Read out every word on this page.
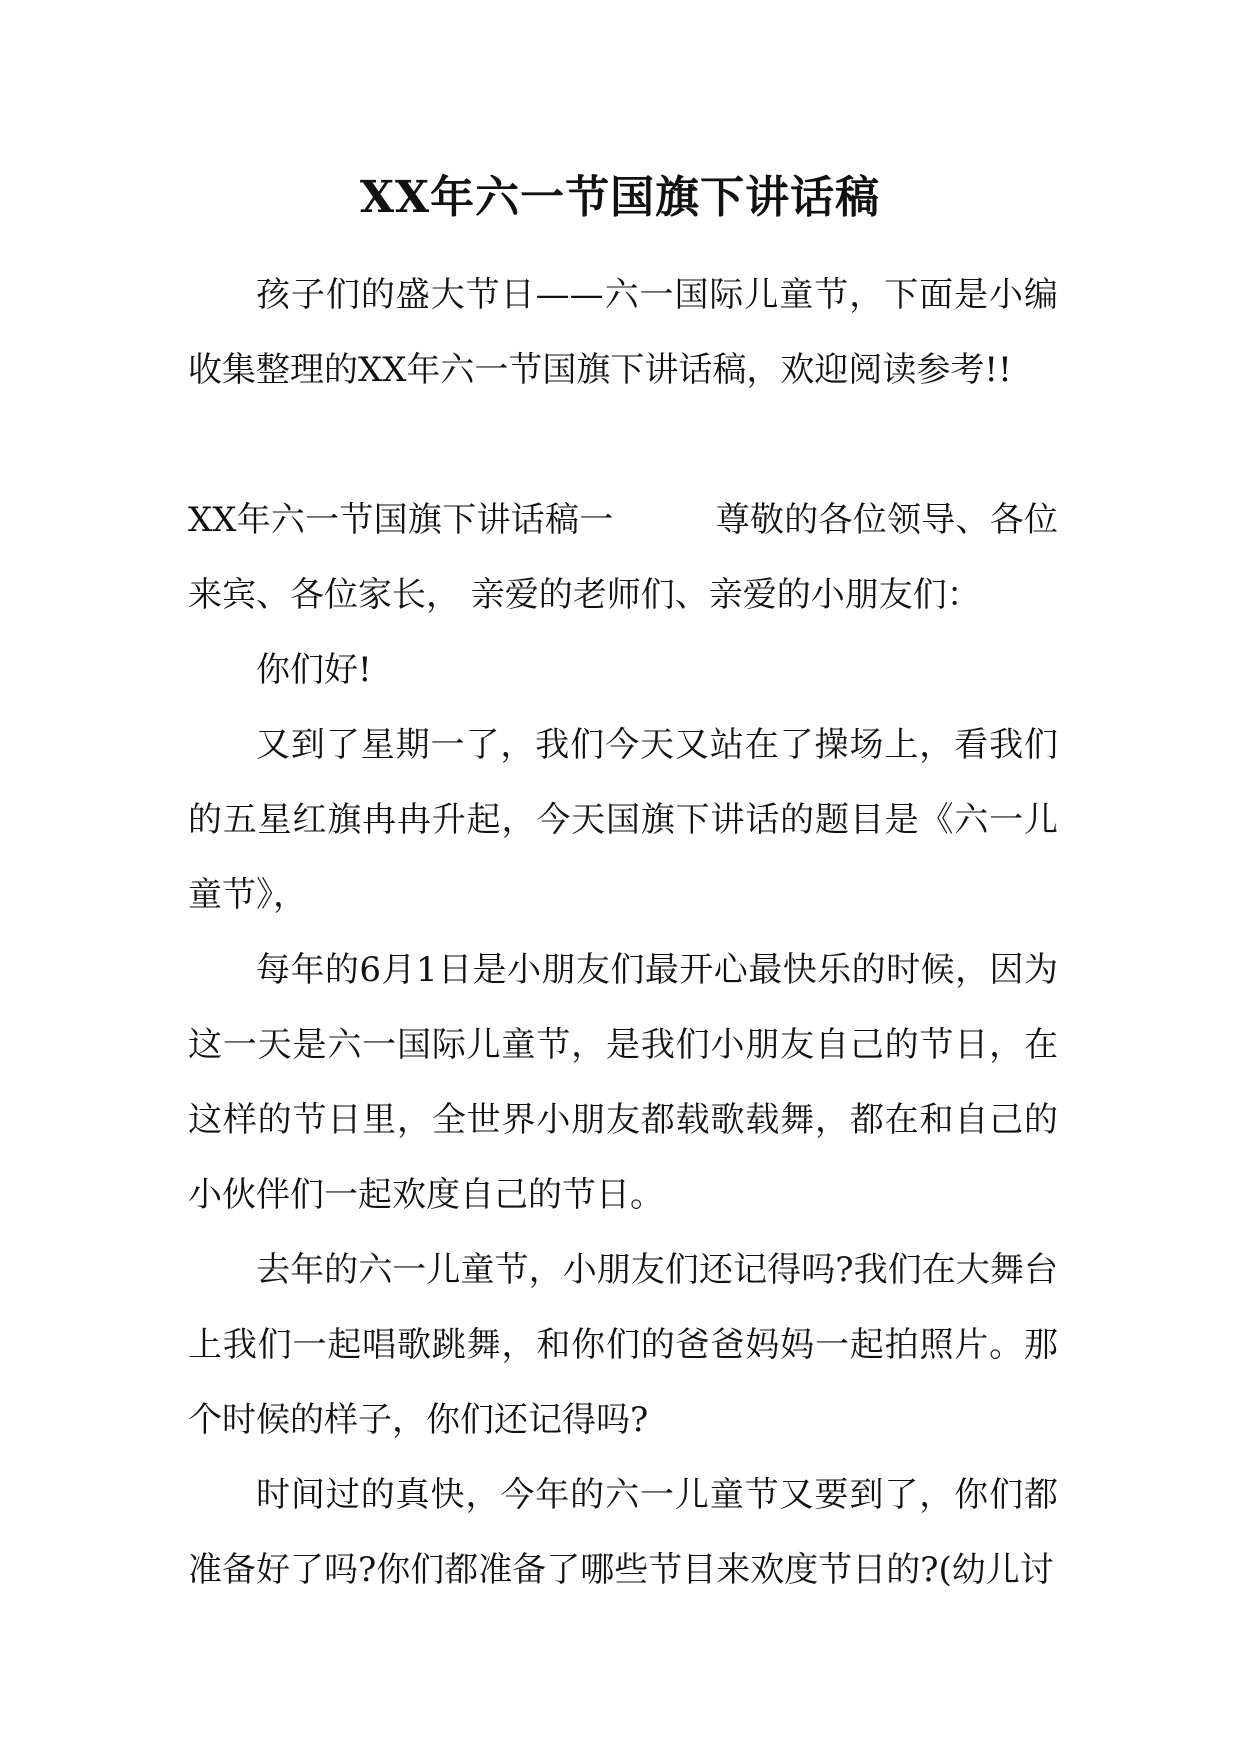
XX年六一节国旗下讲话稿

孩子们的盛大节日——六一国际儿童节，下面是小编收集整理的XX年六一节国旗下讲话稿，欢迎阅读参考!!

XX年六一节国旗下讲话稿一	尊敬的各位领导、各位来宾、各位家长， 亲爱的老师们、亲爱的小朋友们：

你们好!

又到了星期一了，我们今天又站在了操场上，看我们的五星红旗冉冉升起，今天国旗下讲话的题目是《六一儿童节》，

每年的6月1日是小朋友们最开心最快乐的时候，因为这一天是六一国际儿童节，是我们小朋友自己的节日，在这样的节日里，全世界小朋友都载歌载舞，都在和自己的小伙伴们一起欢度自己的节日。

去年的六一儿童节，小朋友们还记得吗?我们在大舞台上我们一起唱歌跳舞，和你们的爸爸妈妈一起拍照片。那个时候的样子，你们还记得吗?

时间过的真快，今年的六一儿童节又要到了，你们都准备好了吗?你们都准备了哪些节目来欢度节日的?(幼儿讨
